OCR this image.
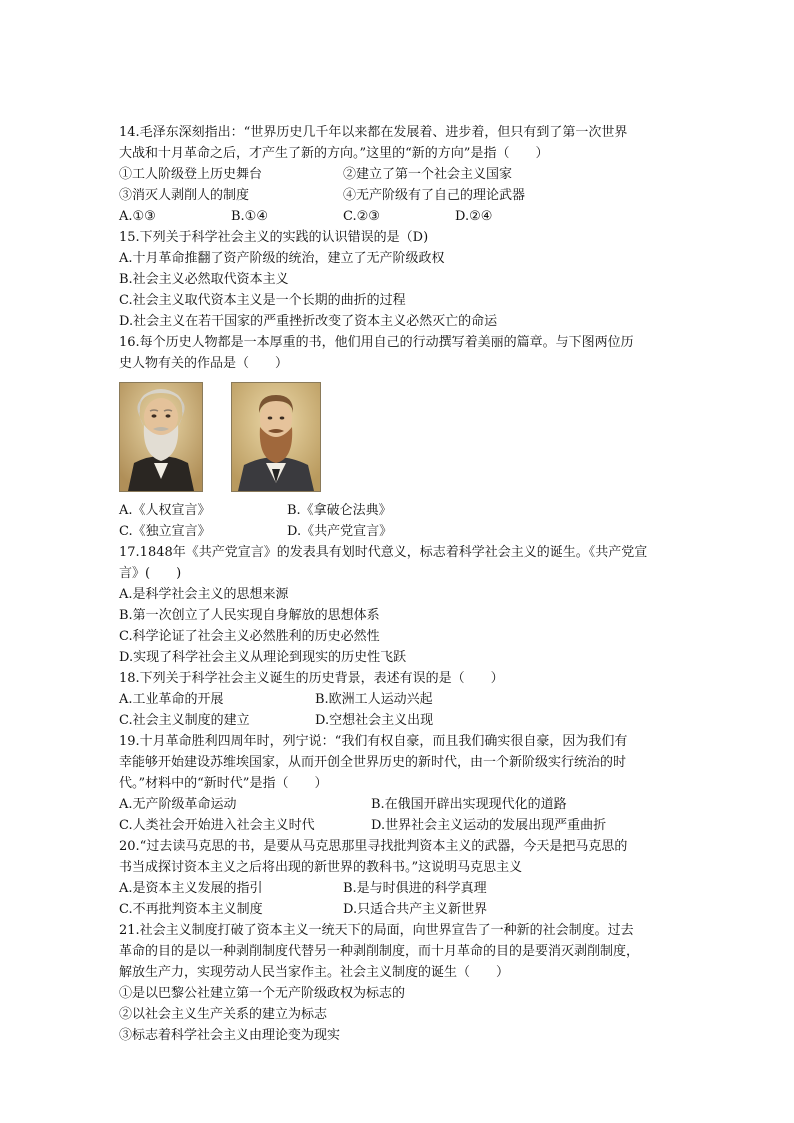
14.毛泽东深刻指出：“世界历史几千年以来都在发展着、进步着，但只有到了第一次世界
大战和十月革命之后，才产生了新的方向。”这里的“新的方向”是指（　　）
①工人阶级登上历史舞台	②建立了第一个社会主义国家
③消灭人剥削人的制度	④无产阶级有了自己的理论武器
A.①③	B.①④	C.②③	D.②④
15.下列关于科学社会主义的实践的认识错误的是（D)
A.十月革命推翻了资产阶级的统治，建立了无产阶级政权
B.社会主义必然取代资本主义
C.社会主义取代资本主义是一个长期的曲折的过程
D.社会主义在若干国家的严重挫折改变了资本主义必然灭亡的命运
16.每个历史人物都是一本厚重的书，他们用自己的行动撰写着美丽的篇章。与下图两位历
史人物有关的作品是（　　）
A.《人权宣言》	B.《拿破仑法典》
C.《独立宣言》	D.《共产党宣言》
17.1848年《共产党宣言》的发表具有划时代意义，标志着科学社会主义的诞生。《共产党宣
言》(　　)
A.是科学社会主义的思想来源
B.第一次创立了人民实现自身解放的思想体系
C.科学论证了社会主义必然胜利的历史必然性
D.实现了科学社会主义从理论到现实的历史性飞跃
18.下列关于科学社会主义诞生的历史背景，表述有误的是（　　）
A.工业革命的开展	B.欧洲工人运动兴起
C.社会主义制度的建立	D.空想社会主义出现
19.十月革命胜利四周年时，列宁说：“我们有权自豪，而且我们确实很自豪，因为我们有
幸能够开始建设苏维埃国家，从而开创全世界历史的新时代，由一个新阶级实行统治的时
代。”材料中的“新时代”是指（　　）
A.无产阶级革命运动	B.在俄国开辟出实现现代化的道路
C.人类社会开始进入社会主义时代	D.世界社会主义运动的发展出现严重曲折
20.“过去读马克思的书，是要从马克思那里寻找批判资本主义的武器，今天是把马克思的
书当成探讨资本主义之后将出现的新世界的教科书。”这说明马克思主义
A.是资本主义发展的指引	B.是与时俱进的科学真理
C.不再批判资本主义制度	D.只适合共产主义新世界
21.社会主义制度打破了资本主义一统天下的局面，向世界宣告了一种新的社会制度。过去
革命的目的是以一种剥削制度代替另一种剥削制度，而十月革命的目的是要消灭剥削制度，
解放生产力，实现劳动人民当家作主。社会主义制度的诞生（　　）
①是以巴黎公社建立第一个无产阶级政权为标志的
②以社会主义生产关系的建立为标志
③标志着科学社会主义由理论变为现实
